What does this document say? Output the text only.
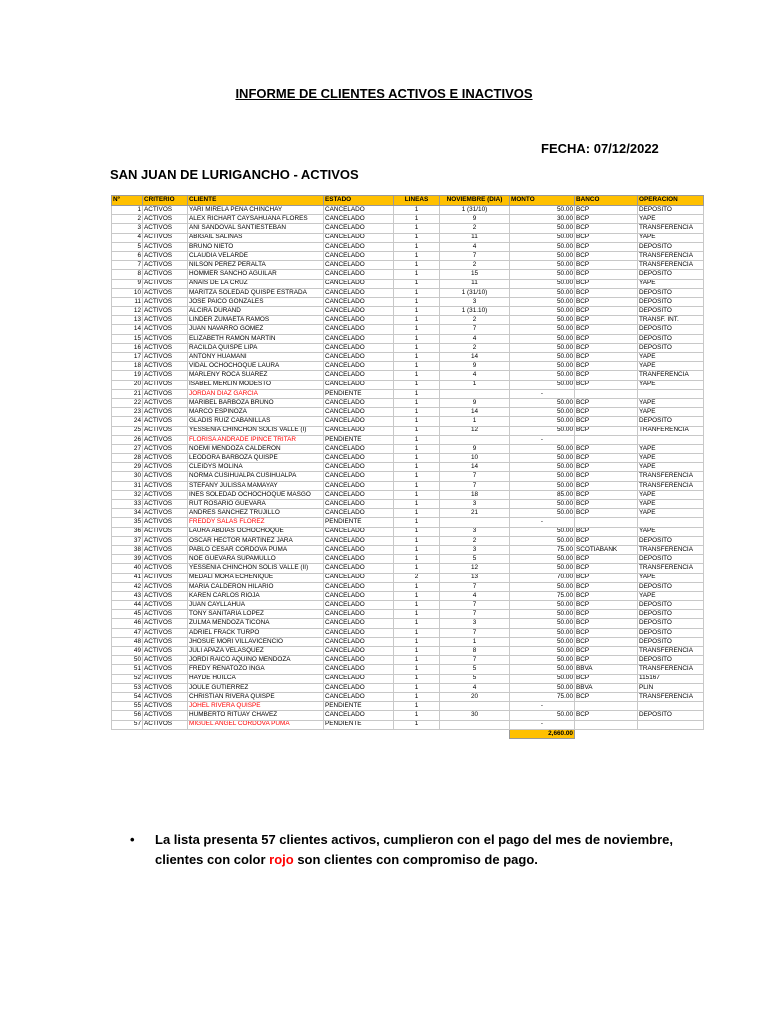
INFORME DE CLIENTES ACTIVOS E INACTIVOS
FECHA: 07/12/2022
SAN JUAN DE LURIGANCHO - ACTIVOS
Nº	CRITERIO	CLIENTE	ESTADO	LINEAS	NOVIEMBRE (DIA)	MONTO	BANCO	OPERACIÓN
1	ACTIVOS	YARI MIRELA PEÑA CHINCHAY	CANCELADO	1	1 (31/10)	50.00	BCP	DEPOSITO
2	ACTIVOS	ALEX RICHART CAYSAHUANA FLORES	CANCELADO	1	9	30.00	BCP	YAPE
3	ACTIVOS	ANI SANDOVAL SANTIESTEBAN	CANCELADO	1	2	50.00	BCP	TRANSFERENCIA
4	ACTIVOS	ABIGAIL SALINAS	CANCELADO	1	11	50.00	BCP	YAPE
5	ACTIVOS	BRUNO NIETO	CANCELADO	1	4	50.00	BCP	DEPOSITO
6	ACTIVOS	CLAUDIA VELARDE	CANCELADO	1	7	50.00	BCP	TRANSFERENCIA
7	ACTIVOS	NILSON PEREZ PERALTA	CANCELADO	1	2	50.00	BCP	TRANSFERENCIA
8	ACTIVOS	HOMMER SANCHO AGUILAR	CANCELADO	1	15	50.00	BCP	DEPOSITO
9	ACTIVOS	ANAIS DE LA CRUZ	CANCELADO	1	11	50.00	BCP	YAPE
10	ACTIVOS	MARITZA SOLEDAD QUISPE ESTRADA	CANCELADO	1	1 (31/10)	50.00	BCP	DEPOSITO
11	ACTIVOS	JOSE PAICO GONZALES	CANCELADO	1	3	50.00	BCP	DEPOSITO
12	ACTIVOS	ALCIRA DURAND	CANCELADO	1	1 (31.10)	50.00	BCP	DEPOSITO
13	ACTIVOS	LINDER ZUMAETA RAMOS	CANCELADO	1	2	50.00	BCP	TRANSF. INT.
14	ACTIVOS	JUAN NAVARRO GOMEZ	CANCELADO	1	7	50.00	BCP	DEPOSITO
15	ACTIVOS	ELIZABETH RAMON MARTIN	CANCELADO	1	4	50.00	BCP	DEPOSITO
16	ACTIVOS	RACILDA QUISPE LIPA	CANCELADO	1	2	50.00	BCP	DEPOSITO
17	ACTIVOS	ANTONY HUAMANI	CANCELADO	1	14	50.00	BCP	YAPE
18	ACTIVOS	VIDAL OCHOCHOQUE LAURA	CANCELADO	1	9	50.00	BCP	YAPE
19	ACTIVOS	MARLENY ROCA SUAREZ	CANCELADO	1	4	50.00	BCP	TRANFERENCIA
20	ACTIVOS	ISABEL MERLIN MODESTO	CANCELADO	1	1	50.00	BCP	YAPE
21	ACTIVOS	JORDAN DIAZ GARCIA	PENDIENTE	1		-		
22	ACTIVOS	MARIBEL BARBOZA BRUNO	CANCELADO	1	9	50.00	BCP	YAPE
23	ACTIVOS	MARCO ESPINOZA	CANCELADO	1	14	50.00	BCP	YAPE
24	ACTIVOS	GLADIS RUIZ CABANILLAS	CANCELADO	1	1	50.00	BCP	DEPOSITO
25	ACTIVOS	YESSENIA CHINCHON SOLIS VALLE (I)	CANCELADO	1	12	50.00	BCP	TRANFERENCIA
26	ACTIVOS	FLORISA ANDRADE IPINCE TRITAR	PENDIENTE	1		-		
27	ACTIVOS	NOEMI MENDOZA CALDERON	CANCELADO	1	9	50.00	BCP	YAPE
28	ACTIVOS	LEODORA BARBOZA QUISPE	CANCELADO	1	10	50.00	BCP	YAPE
29	ACTIVOS	CLEIDYS MOLINA	CANCELADO	1	14	50.00	BCP	YAPE
30	ACTIVOS	NORMA CUSIHUALPA CUSIHUALPA	CANCELADO	1	7	50.00	BCP	TRANSFERENCIA
31	ACTIVOS	STEFANY JULISSA MAMAYAY	CANCELADO	1	7	50.00	BCP	TRANSFERENCIA
32	ACTIVOS	INES SOLEDAD OCHOCHOQUE MASGO	CANCELADO	1	18	85.00	BCP	YAPE
33	ACTIVOS	RUT ROSARIO GUEVARA	CANCELADO	1	3	50.00	BCP	YAPE
34	ACTIVOS	ANDRES SANCHEZ TRUJILLO	CANCELADO	1	21	50.00	BCP	YAPE
35	ACTIVOS	FREDDY SALAS FLOREZ	PENDIENTE	1		-		
36	ACTIVOS	LAURA ABDIAS OCHOCHOQUE	CANCELADO	1	3	50.00	BCP	YAPE
37	ACTIVOS	OSCAR HECTOR MARTINEZ JARA	CANCELADO	1	2	50.00	BCP	DEPOSITO
38	ACTIVOS	PABLO CESAR CORDOVA PUMA	CANCELADO	1	3	75.00	SCOTIABANK	TRANSFERENCIA
39	ACTIVOS	NOE GUEVARA SUPAMULLO	CANCELADO	1	5	50.00	BCP	DEPOSITO
40	ACTIVOS	YESSENIA CHINCHON SOLIS VALLE (II)	CANCELADO	1	12	50.00	BCP	TRANSFERENCIA
41	ACTIVOS	MEDALI MORA ECHENIQUE	CANCELADO	2	13	70.00	BCP	YAPE
42	ACTIVOS	MARIA CALDERON HILARIO	CANCELADO	1	7	50.00	BCP	DEPOSITO
43	ACTIVOS	KAREN CARLOS RIOJA	CANCELADO	1	4	75.00	BCP	YAPE
44	ACTIVOS	JUAN CAYLLAHUA	CANCELADO	1	7	50.00	BCP	DEPOSITO
45	ACTIVOS	TONY SANITARIA LOPEZ	CANCELADO	1	7	50.00	BCP	DEPOSITO
46	ACTIVOS	ZULMA MENDOZA TICONA	CANCELADO	1	3	50.00	BCP	DEPOSITO
47	ACTIVOS	ADRIEL FRACK TURPO	CANCELADO	1	7	50.00	BCP	DEPOSITO
48	ACTIVOS	JHOSUE MORI VILLAVICENCIO	CANCELADO	1	1	50.00	BCP	DEPOSITO
49	ACTIVOS	JULI APAZA VELASQUEZ	CANCELADO	1	8	50.00	BCP	TRANSFERENCIA
50	ACTIVOS	JORDI RAICO AQUINO MENDOZA	CANCELADO	1	7	50.00	BCP	DEPOSITO
51	ACTIVOS	FREDY RENATOZO INGA	CANCELADO	1	5	50.00	BBVA	TRANSFERENCIA
52	ACTIVOS	HAYDE HUILCA	CANCELADO	1	5	50.00	BCP	115167
53	ACTIVOS	JOULE GUTIERREZ	CANCELADO	1	4	50.00	BBVA	PLIN
54	ACTIVOS	CHRISTIAN RIVERA QUISPE	CANCELADO	1	20	75.00	BCP	TRANSFERENCIA
55	ACTIVOS	JOHEL RIVERA QUISPE	PENDIENTE	1		-		
56	ACTIVOS	HUMBERTO RITUAY CHAVEZ	CANCELADO	1	30	50.00	BCP	DEPOSITO
57	ACTIVOS	MIGUEL ANGEL CORDOVA PUMA	PENDIENTE	1		-		
						2,660.00		
• La lista presenta 57 clientes activos, cumplieron con el pago del mes de noviembre,
clientes con color rojo son clientes con compromiso de pago.
